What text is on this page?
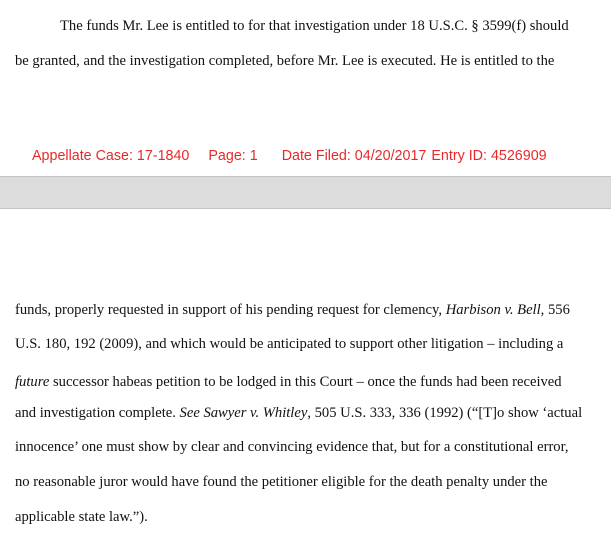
The funds Mr. Lee is entitled to for that investigation under 18 U.S.C. § 3599(f) should
be granted, and the investigation completed, before Mr. Lee is executed. He is entitled to the
Appellate Case: 17-1840 Page: 1 Date Filed: 04/20/2017 Entry ID: 4526909
funds, properly requested in support of his pending request for clemency, Harbison v. Bell, 556
U.S. 180, 192 (2009), and which would be anticipated to support other litigation – including a
future successor habeas petition to be lodged in this Court – once the funds had been received
and investigation complete. See Sawyer v. Whitley, 505 U.S. 333, 336 (1992) (“[T]o show ‘actual
innocence’ one must show by clear and convincing evidence that, but for a constitutional error,
no reasonable juror would have found the petitioner eligible for the death penalty under the
applicable state law.”).
